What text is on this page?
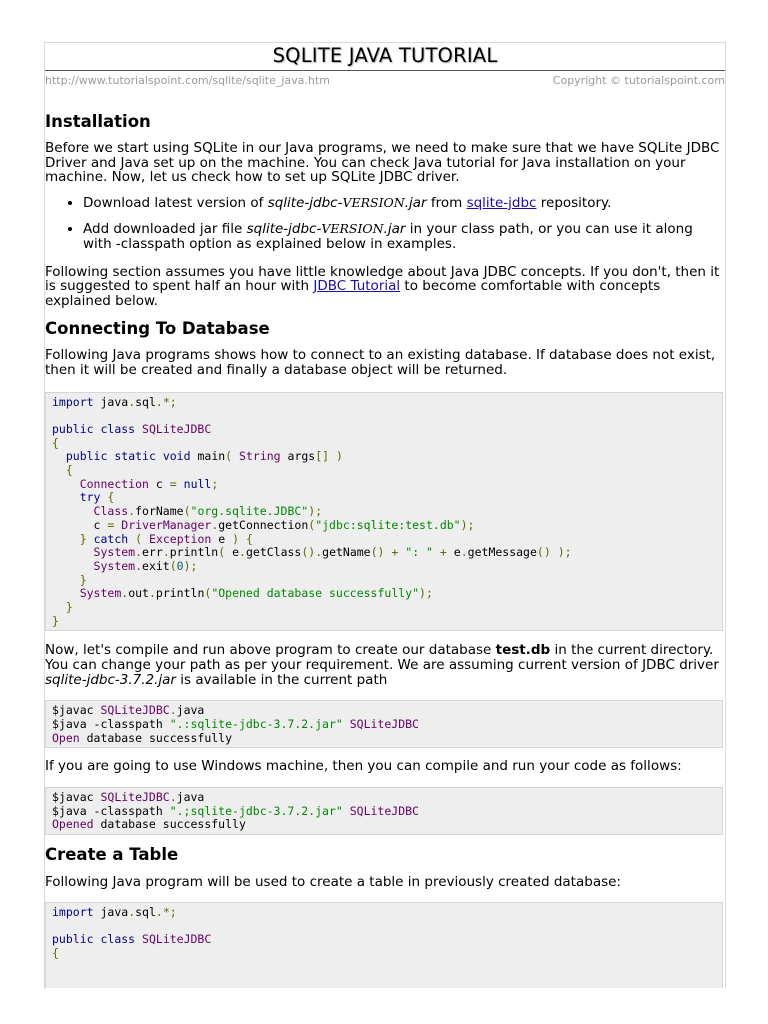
SQLITE JAVA TUTORIAL
http://www.tutorialspoint.com/sqlite/sqlite_java.htm	Copyright © tutorialspoint.com
Installation

Before we start using SQLite in our Java programs, we need to make sure that we have SQLite JDBC Driver and Java set up on the machine. You can check Java tutorial for Java installation on your machine. Now, let us check how to set up SQLite JDBC driver.

• Download latest version of sqlite-jdbc-VERSION.jar from sqlite-jdbc repository.
• Add downloaded jar file sqlite-jdbc-VERSION.jar in your class path, or you can use it along with -classpath option as explained below in examples.

Following section assumes you have little knowledge about Java JDBC concepts. If you don't, then it is suggested to spent half an hour with JDBC Tutorial to become comfortable with concepts explained below.

Connecting To Database

Following Java programs shows how to connect to an existing database. If database does not exist, then it will be created and finally a database object will be returned.

import java.sql.*;

public class SQLiteJDBC
{
public static void main( String args[] )
{
Connection c = null;
try {
Class.forName("org.sqlite.JDBC");
c = DriverManager.getConnection("jdbc:sqlite:test.db");
} catch ( Exception e ) {
System.err.println( e.getClass().getName() + ": " + e.getMessage() );
System.exit(0);
}
System.out.println("Opened database successfully");
}
}

Now, let's compile and run above program to create our database test.db in the current directory. You can change your path as per your requirement. We are assuming current version of JDBC driver sqlite-jdbc-3.7.2.jar is available in the current path

$javac SQLiteJDBC.java
$java -classpath ".:sqlite-jdbc-3.7.2.jar" SQLiteJDBC
Open database successfully

If you are going to use Windows machine, then you can compile and run your code as follows:

$javac SQLiteJDBC.java
$java -classpath ".;sqlite-jdbc-3.7.2.jar" SQLiteJDBC
Opened database successfully
Create a Table

Following Java program will be used to create a table in previously created database:

import java.sql.*;

public class SQLiteJDBC
{
